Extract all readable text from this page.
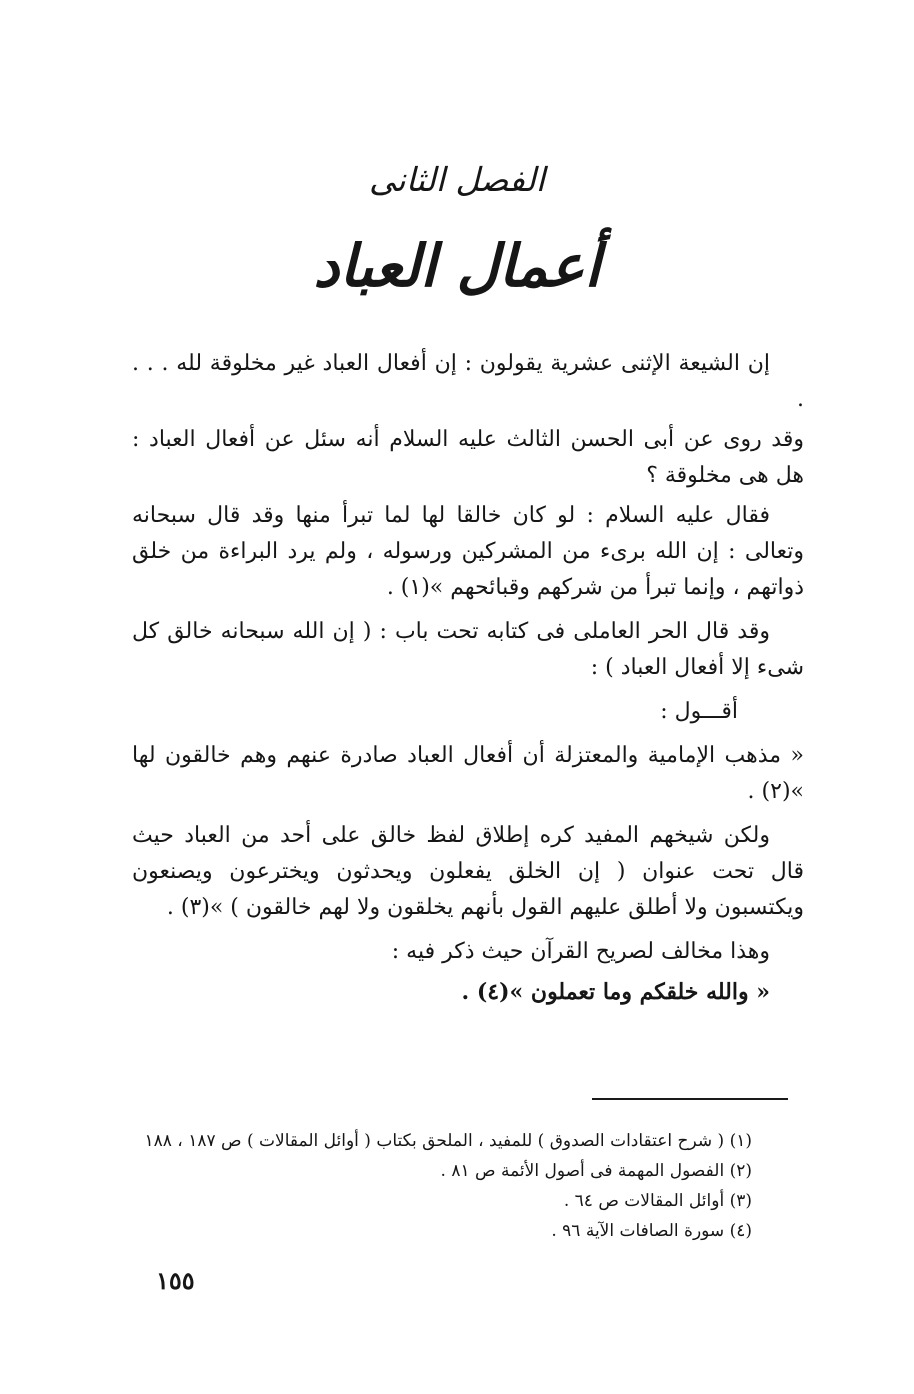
الفصل الثانى
أعمال العباد

إن الشيعة الإثنى عشرية يقولون : إن أفعال العباد غير مخلوقة لله . . . .

وقد روى عن أبى الحسن الثالث عليه السلام أنه سئل عن أفعال العباد : هل هى مخلوقة ؟

فقال عليه السلام : لو كان خالقا لها لما تبرأ منها وقد قال سبحانه وتعالى : إن الله برىء من المشركين ورسوله ، ولم يرد البراءة من خلق ذواتهم ، وإنما تبرأ من شركهم وقبائحهم »(١) .

وقد قال الحر العاملى فى كتابه تحت باب : ( إن الله سبحانه خالق كل شىء إلا أفعال العباد ) :

أقـــول :

« مذهب الإمامية والمعتزلة أن أفعال العباد صادرة عنهم وهم خالقون لها »(٢) .

ولكن شيخهم المفيد كره إطلاق لفظ خالق على أحد من العباد حيث قال تحت عنوان ( إن الخلق يفعلون ويحدثون ويخترعون ويصنعون ويكتسبون ولا أطلق عليهم القول بأنهم يخلقون ولا لهم خالقون ) »(٣) .

وهذا مخالف لصريح القرآن حيث ذكر فيه :

« والله خلقكم وما تعملون »(٤) .

(١) ( شرح اعتقادات الصدوق ) للمفيد ، الملحق بكتاب ( أوائل المقالات ) ص ١٨٧ ، ١٨٨
(٢) الفصول المهمة فى أصول الأئمة ص ٨١ .
(٣) أوائل المقالات ص ٦٤ .
(٤) سورة الصافات الآية ٩٦ .
١٥٥
